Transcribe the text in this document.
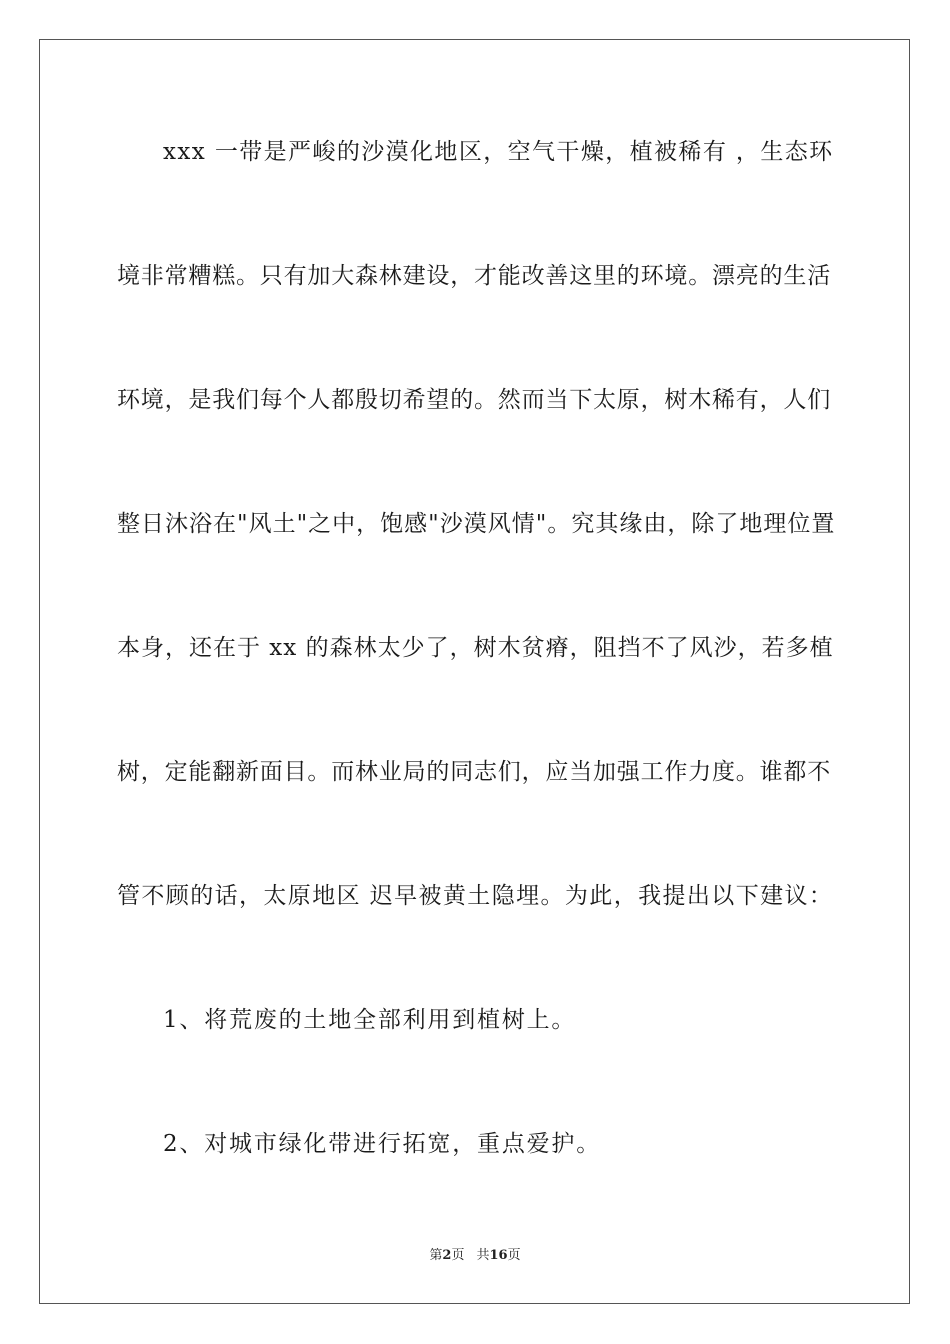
xxx 一带是严峻的沙漠化地区，空气干燥，植被稀有 ，生态环
境非常糟糕。只有加大森林建设，才能改善这里的环境。漂亮的生活
环境，是我们每个人都殷切希望的。然而当下太原，树木稀有，人们
整日沐浴在"风土"之中，饱感"沙漠风情"。究其缘由，除了地理位置
本身，还在于 xx 的森林太少了，树木贫瘠，阻挡不了风沙，若多植
树，定能翻新面目。而林业局的同志们，应当加强工作力度。谁都不
管不顾的话，太原地区 迟早被黄土隐埋。为此，我提出以下建议：
1、将荒废的土地全部利用到植树上。
2、对城市绿化带进行拓宽，重点爱护。
第2页 共16页
